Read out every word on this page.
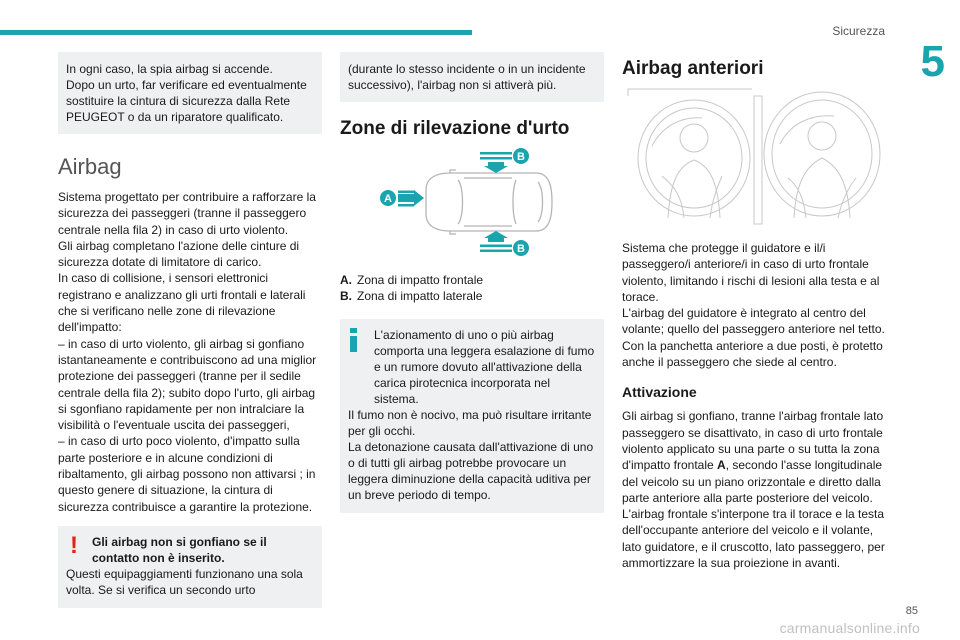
Sicurezza
5
In ogni caso, la spia airbag si accende.
Dopo un urto, far verificare ed eventualmente sostituire la cintura di sicurezza dalla Rete PEUGEOT o da un riparatore qualificato.
Airbag
Sistema progettato per contribuire a rafforzare la sicurezza dei passeggeri (tranne il passeggero centrale nella fila 2) in caso di urto violento.
Gli airbag completano l'azione delle cinture di sicurezza dotate di limitatore di carico.
In caso di collisione, i sensori elettronici registrano e analizzano gli urti frontali e laterali che si verificano nelle zone di rilevazione dell'impatto:
– in caso di urto violento, gli airbag si gonfiano istantaneamente e contribuiscono ad una miglior protezione dei passeggeri (tranne per il sedile centrale della fila 2); subito dopo l'urto, gli airbag si sgonfiano rapidamente per non intralciare la visibilità o l'eventuale uscita dei passeggeri,
– in caso di urto poco violento, d'impatto sulla parte posteriore e in alcune condizioni di ribaltamento, gli airbag possono non attivarsi ; in questo genere di situazione, la cintura di sicurezza contribuisce a garantire la protezione.
!	Gli airbag non si gonfiano se il contatto non è inserito.
Questi equipaggiamenti funzionano una sola volta. Se si verifica un secondo urto
(durante lo stesso incidente o in un incidente successivo), l'airbag non si attiverà più.
Zone di rilevazione d'urto
A
B
B
A. Zona di impatto frontale
B. Zona di impatto laterale
L'azionamento di uno o più airbag comporta una leggera esalazione di fumo e un rumore dovuto all'attivazione della carica pirotecnica incorporata nel sistema.
Il fumo non è nocivo, ma può risultare irritante per gli occhi.
La detonazione causata dall'attivazione di uno o di tutti gli airbag potrebbe provocare un leggera diminuzione della capacità uditiva per un breve periodo di tempo.
Airbag anteriori
Sistema che protegge il guidatore e il/i passeggero/i anteriore/i in caso di urto frontale violento, limitando i rischi di lesioni alla testa e al torace.
L'airbag del guidatore è integrato al centro del volante; quello del passeggero anteriore nel tetto.
Con la panchetta anteriore a due posti, è protetto anche il passeggero che siede al centro.
Attivazione
Gli airbag si gonfiano, tranne l'airbag frontale lato passeggero se disattivato, in caso di urto frontale violento applicato su una parte o su tutta la zona d'impatto frontale A, secondo l'asse longitudinale del veicolo su un piano orizzontale e diretto dalla parte anteriore alla parte posteriore del veicolo.
L'airbag frontale s'interpone tra il torace e la testa dell'occupante anteriore del veicolo e il volante, lato guidatore, e il cruscotto, lato passeggero, per ammortizzare la sua proiezione in avanti.
85
carmanualsonline.info
